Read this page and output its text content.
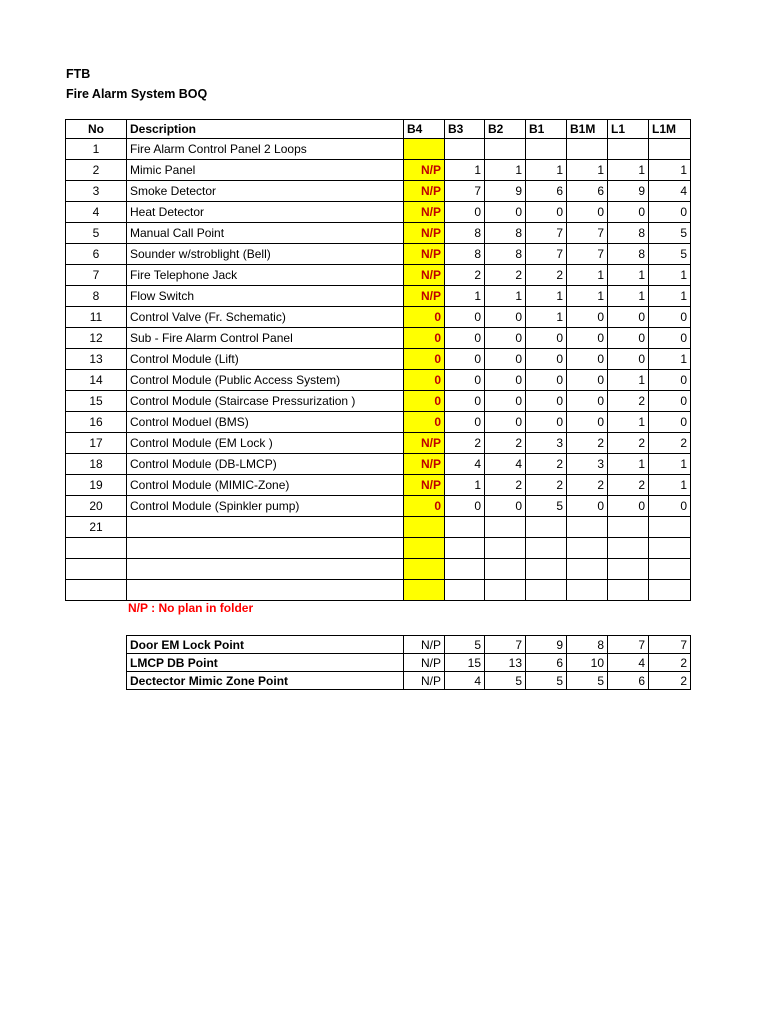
FTB
Fire Alarm System BOQ
No	Description	B4	B3	B2	B1	B1M	L1	L1M
1	Fire Alarm Control Panel 2 Loops							
2	Mimic Panel	N/P	1	1	1	1	1	1
3	Smoke Detector	N/P	7	9	6	6	9	4
4	Heat Detector	N/P	0	0	0	0	0	0
5	Manual Call Point	N/P	8	8	7	7	8	5
6	Sounder w/stroblight (Bell)	N/P	8	8	7	7	8	5
7	Fire Telephone Jack	N/P	2	2	2	1	1	1
8	Flow Switch	N/P	1	1	1	1	1	1
11	Control Valve (Fr. Schematic)	0	0	0	1	0	0	0
12	Sub - Fire Alarm Control Panel	0	0	0	0	0	0	0
13	Control Module (Lift)	0	0	0	0	0	0	1
14	Control Module (Public Access System)	0	0	0	0	0	1	0
15	Control Module (Staircase Pressurization )	0	0	0	0	0	2	0
16	Control Moduel (BMS)	0	0	0	0	0	1	0
17	Control Module (EM Lock )	N/P	2	2	3	2	2	2
18	Control Module (DB-LMCP)	N/P	4	4	2	3	1	1
19	Control Module (MIMIC-Zone)	N/P	1	2	2	2	2	1
20	Control Module (Spinkler pump)	0	0	0	5	0	0	0
21								

N/P : No plan in folder
Door EM Lock Point	N/P	5	7	9	8	7	7
LMCP DB Point	N/P	15	13	6	10	4	2
Dectector Mimic Zone Point	N/P	4	5	5	5	6	2
